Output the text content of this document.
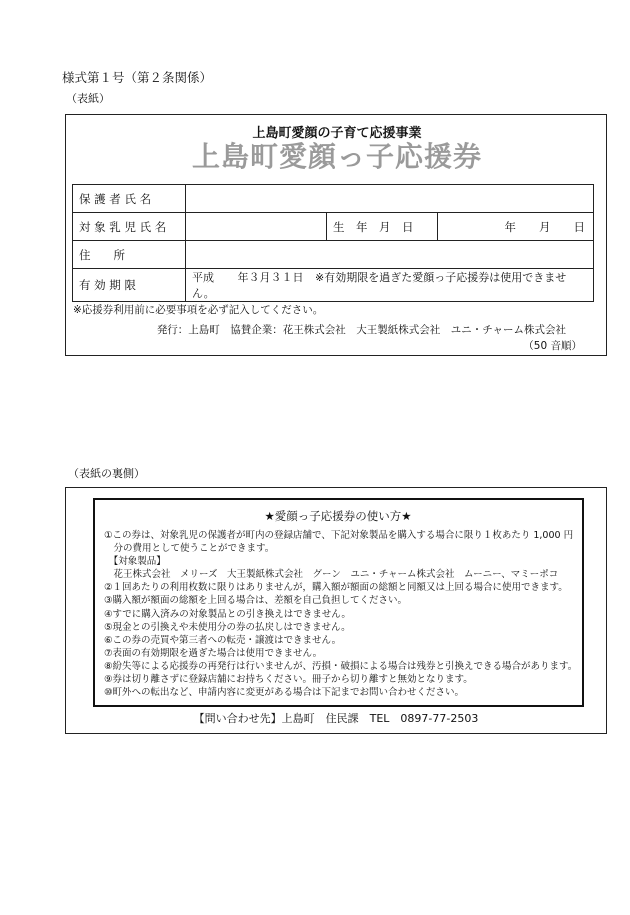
様式第１号（第２条関係）
（表紙）
上島町愛顔の子育て応援事業
上島町愛顔っ子応援券
保 護 者 氏 名			
対 象 乳 児 氏 名		生　年　月　日	年　　月　　日
住　　所			
有 効 期 限	平成 年３月３１日 ※有効期限を過ぎた愛顔っ子応援券は使用できません。		
※応援券利用前に必要事項を必ず記入してください。
発行：上島町　協賛企業：花王株式会社　大王製紙株式会社　ユニ・チャーム株式会社
（50 音順）
（表紙の裏側）
★愛顔っ子応援券の使い方★
①この券は、対象乳児の保護者が町内の登録店舗で、下記対象製品を購入する場合に限り１枚あたり 1,000 円
　分の費用として使うことができます。
　【対象製品】
　花王株式会社　メリーズ　大王製紙株式会社　グーン　ユニ・チャーム株式会社　ムーニー、マミーポコ
②１回あたりの利用枚数に限りはありませんが，購入額が額面の総額と同額又は上回る場合に使用できます。
③購入額が額面の総額を上回る場合は、差額を自己負担してください。
④すでに購入済みの対象製品との引き換えはできません。
⑤現金との引換えや未使用分の券の払戻しはできません。
⑥この券の売買や第三者への転売・譲渡はできません。
⑦表面の有効期限を過ぎた場合は使用できません。
⑧紛失等による応援券の再発行は行いませんが、汚損・破損による場合は残券と引換えできる場合があります。
⑨券は切り離さずに登録店舗にお持ちください。冊子から切り離すと無効となります。
⑩町外への転出など、申請内容に変更がある場合は下記までお問い合わせください。
【問い合わせ先】上島町　住民課　TEL　0897-77-2503
